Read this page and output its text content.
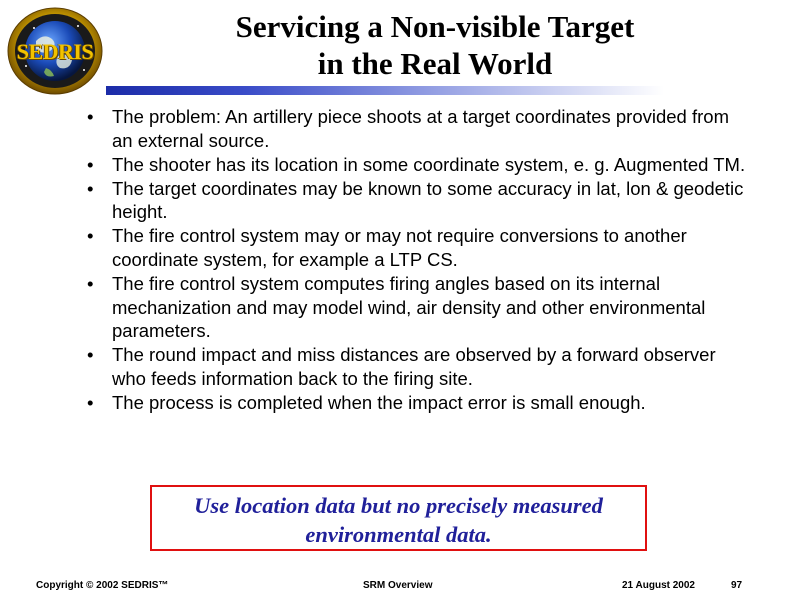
SEDRIS
Servicing a Non-visible Target
in the Real World
• The problem: An artillery piece shoots at a target coordinates provided from an external source.
• The shooter has its location in some coordinate system, e. g. Augmented TM.
• The target coordinates may be known to some accuracy in lat, lon & geodetic height.
• The fire control system may or may not require conversions to another coordinate system, for example a LTP CS.
• The fire control system computes firing angles based on its internal mechanization and may model wind, air density and other environmental parameters.
• The round impact and miss distances are observed by a forward observer who feeds information back to the firing site.
• The process is completed when the impact error is small enough.
Use location data but no precisely measured
environmental data.
Copyright © 2002 SEDRIS™	SRM Overview	21 August 2002	97
